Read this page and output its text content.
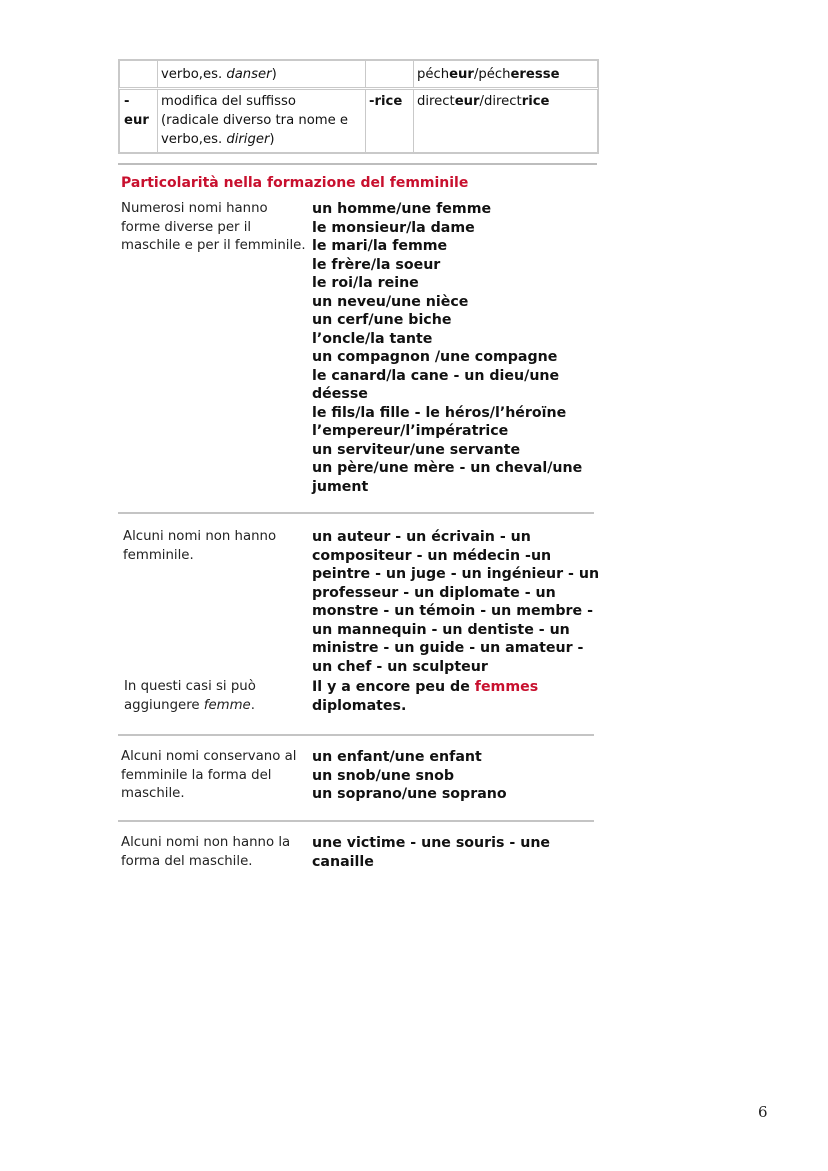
verbo,es. danser)	pécheur/pécheresse
-
eur
modifica del suffisso
(radicale diverso tra nome e
verbo,es. diriger)
-rice directeur/directrice
Particolarità nella formazione del femminile
Numerosi nomi hanno
forme diverse per il
maschile e per il femminile.
un homme/une femme
le monsieur/la dame
le mari/la femme
le frère/la soeur
le roi/la reine
un neveu/une nièce
un cerf/une biche
l’oncle/la tante
un compagnon /une compagne
le canard/la cane - un dieu/une
déesse
le fils/la fille - le héros/l’héroïne
l’empereur/l’impératrice
un serviteur/une servante
un père/une mère - un cheval/une
jument
Alcuni nomi non hanno
femminile.
un auteur - un écrivain - un
compositeur - un médecin -un
peintre - un juge - un ingénieur - un
professeur - un diplomate - un
monstre - un témoin - un membre -
un mannequin - un dentiste - un
ministre - un guide - un amateur -
un chef - un sculpteur
In questi casi si può
aggiungere femme.
Il y a encore peu de femmes
diplomates.
Alcuni nomi conservano al
femminile la forma del
maschile.
un enfant/une enfant
un snob/une snob
un soprano/une soprano
Alcuni nomi non hanno la
forma del maschile.
une victime - une souris - une
canaille
6
